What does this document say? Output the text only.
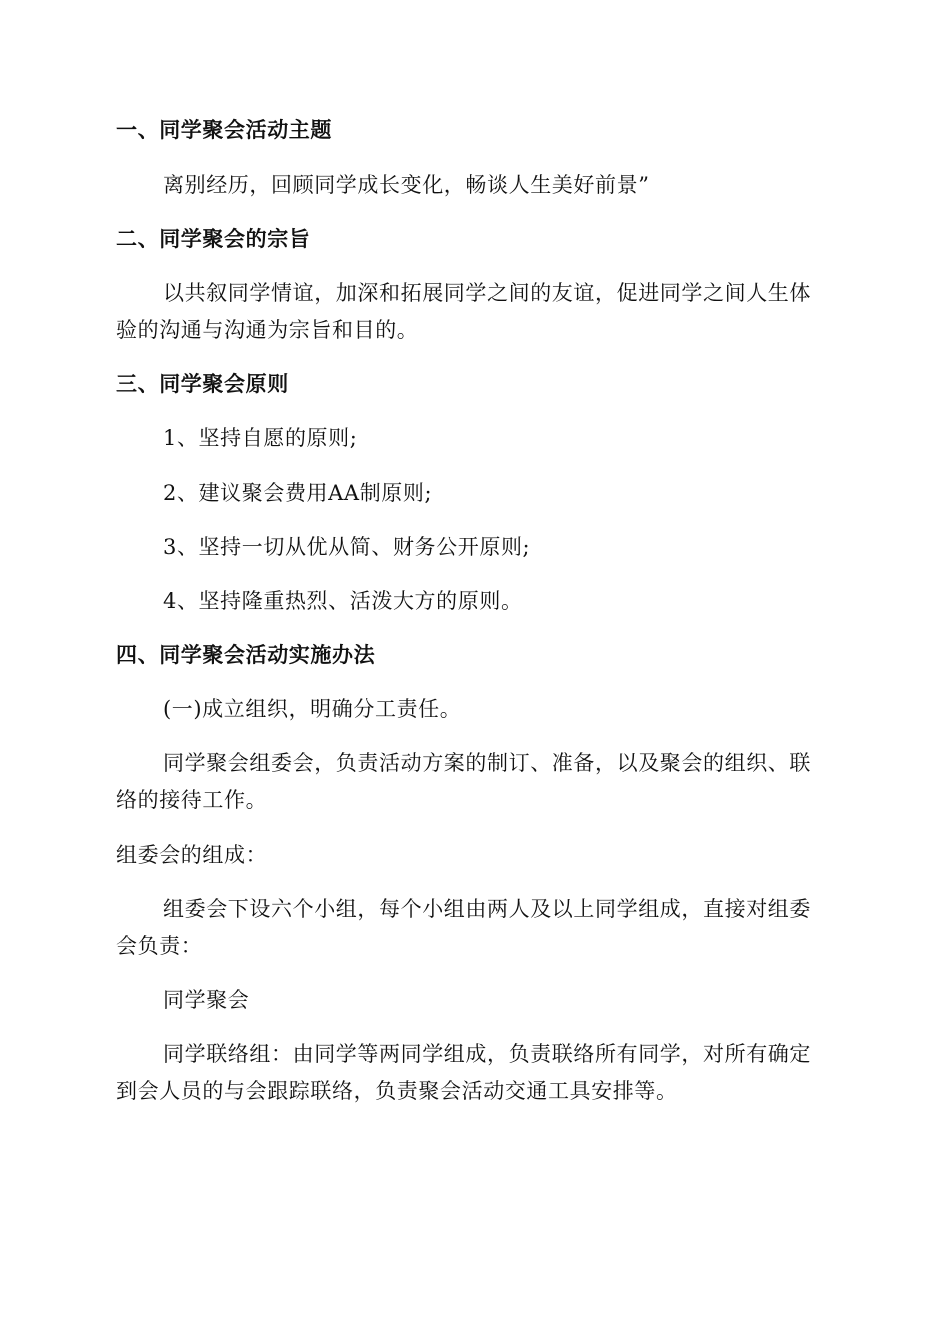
一、同学聚会活动主题
离别经历，回顾同学成长变化，畅谈人生美好前景”
二、同学聚会的宗旨
以共叙同学情谊，加深和拓展同学之间的友谊，促进同学之间人生体
验的沟通与沟通为宗旨和目的。
三、同学聚会原则
1、坚持自愿的原则;
2、建议聚会费用AA制原则;
3、坚持一切从优从简、财务公开原则;
4、坚持隆重热烈、活泼大方的原则。
四、同学聚会活动实施办法
(一)成立组织，明确分工责任。
同学聚会组委会，负责活动方案的制订、准备，以及聚会的组织、联
络的接待工作。
组委会的组成：
组委会下设六个小组，每个小组由两人及以上同学组成，直接对组委
会负责：
同学聚会
同学联络组：由同学等两同学组成，负责联络所有同学，对所有确定
到会人员的与会跟踪联络，负责聚会活动交通工具安排等。
